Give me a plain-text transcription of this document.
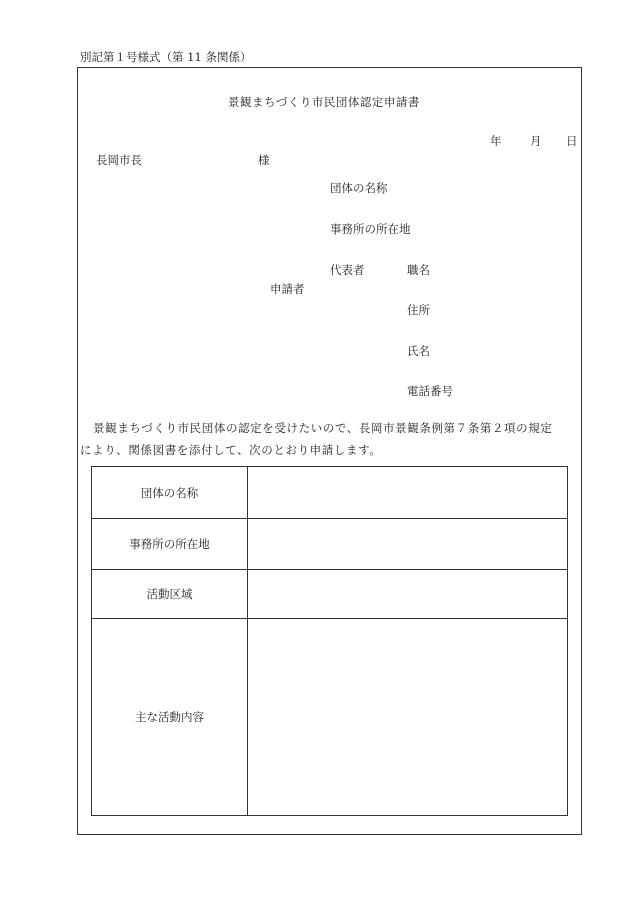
別記第１号様式（第 11 条関係）
景観まちづくり市民団体認定申請書
年 月 日
長岡市長	様
団体の名称
事務所の所在地
代表者	職名
申請者
住所
氏名
電話番号
景観まちづくり市民団体の認定を受けたいので、長岡市景観条例第７条第２項の規定
により、関係図書を添付して、次のとおり申請します。
団体の名称	
事務所の所在地	
活動区域	
主な活動内容	
